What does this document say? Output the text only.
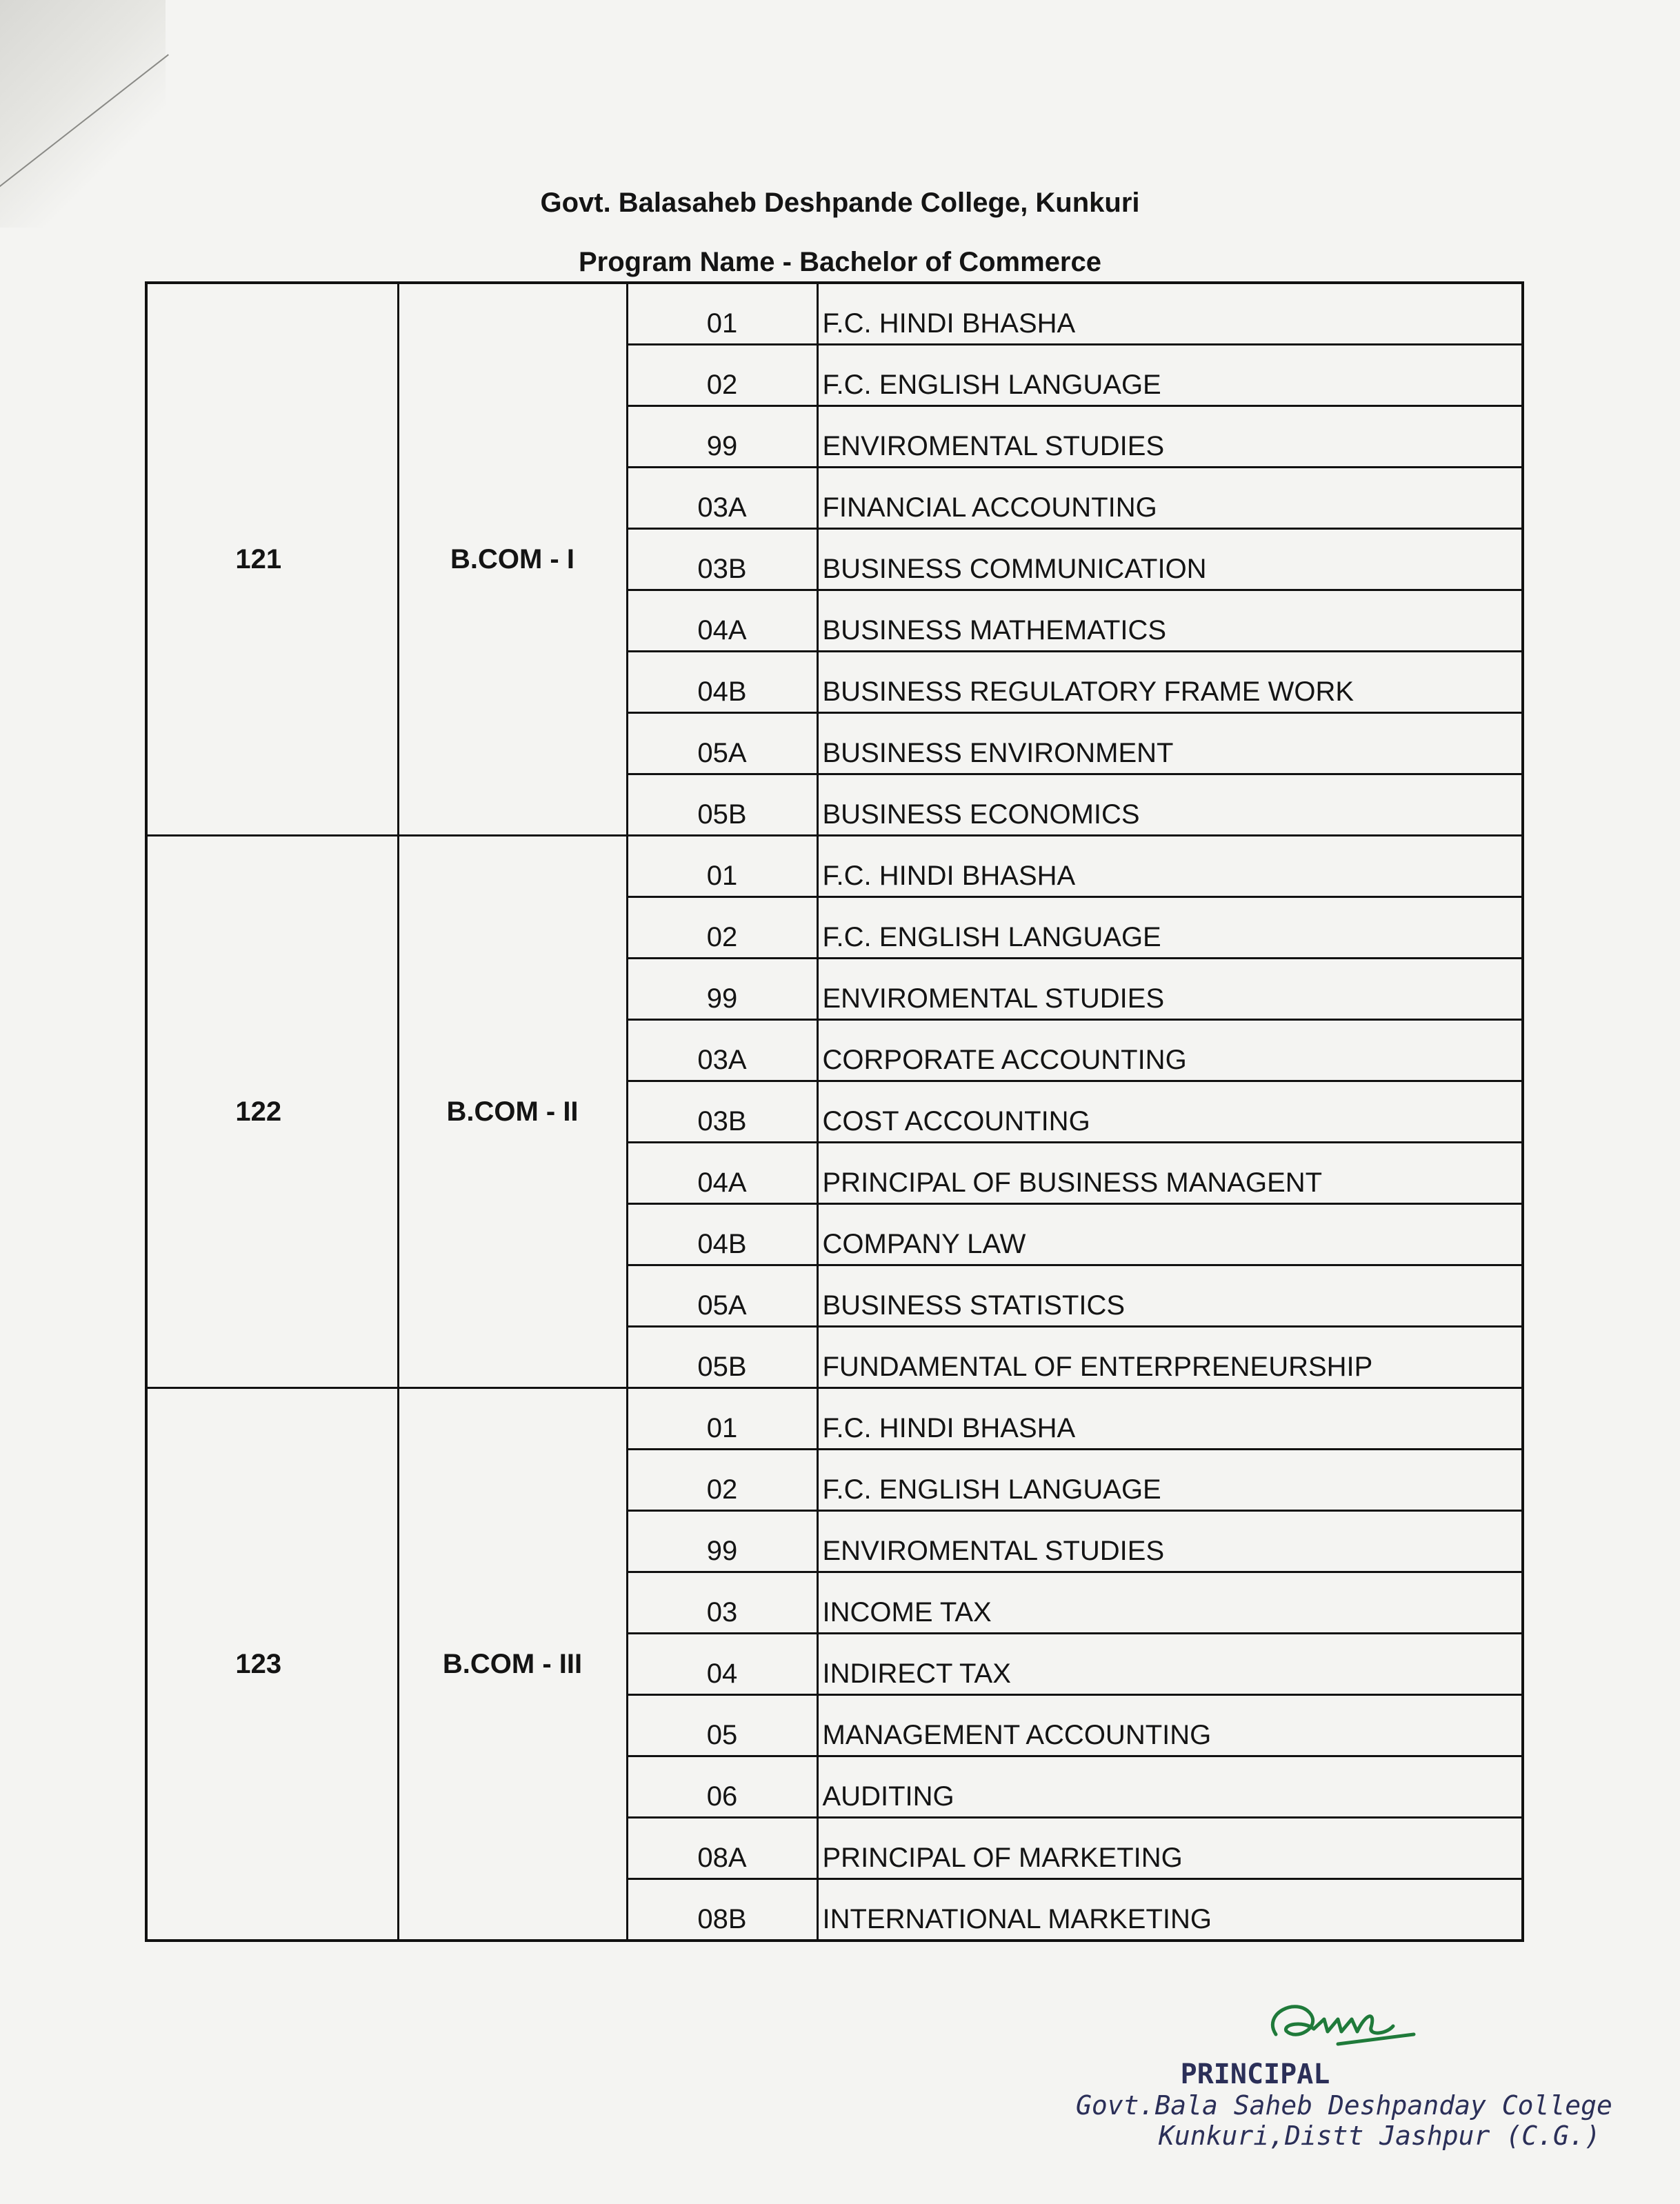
Govt. Balasaheb Deshpande College, Kunkuri
Program Name - Bachelor of Commerce
121	B.COM - I	01	F.C. HINDI BHASHA
		02	F.C. ENGLISH LANGUAGE
		99	ENVIROMENTAL STUDIES
		03A	FINANCIAL ACCOUNTING
		03B	BUSINESS COMMUNICATION
		04A	BUSINESS MATHEMATICS
		04B	BUSINESS REGULATORY FRAME WORK
		05A	BUSINESS ENVIRONMENT
		05B	BUSINESS ECONOMICS
122	B.COM - II	01	F.C. HINDI BHASHA
		02	F.C. ENGLISH LANGUAGE
		99	ENVIROMENTAL STUDIES
		03A	CORPORATE ACCOUNTING
		03B	COST ACCOUNTING
		04A	PRINCIPAL OF BUSINESS MANAGENT
		04B	COMPANY LAW
		05A	BUSINESS STATISTICS
		05B	FUNDAMENTAL OF ENTERPRENEURSHIP
123	B.COM - III	01	F.C. HINDI BHASHA
		02	F.C. ENGLISH LANGUAGE
		99	ENVIROMENTAL STUDIES
		03	INCOME TAX
		04	INDIRECT TAX
		05	MANAGEMENT ACCOUNTING
		06	AUDITING
		08A	PRINCIPAL OF MARKETING
		08B	INTERNATIONAL MARKETING
PRINCIPAL
Govt.Bala Saheb Deshpanday College
Kunkuri,Distt Jashpur (C.G.)
